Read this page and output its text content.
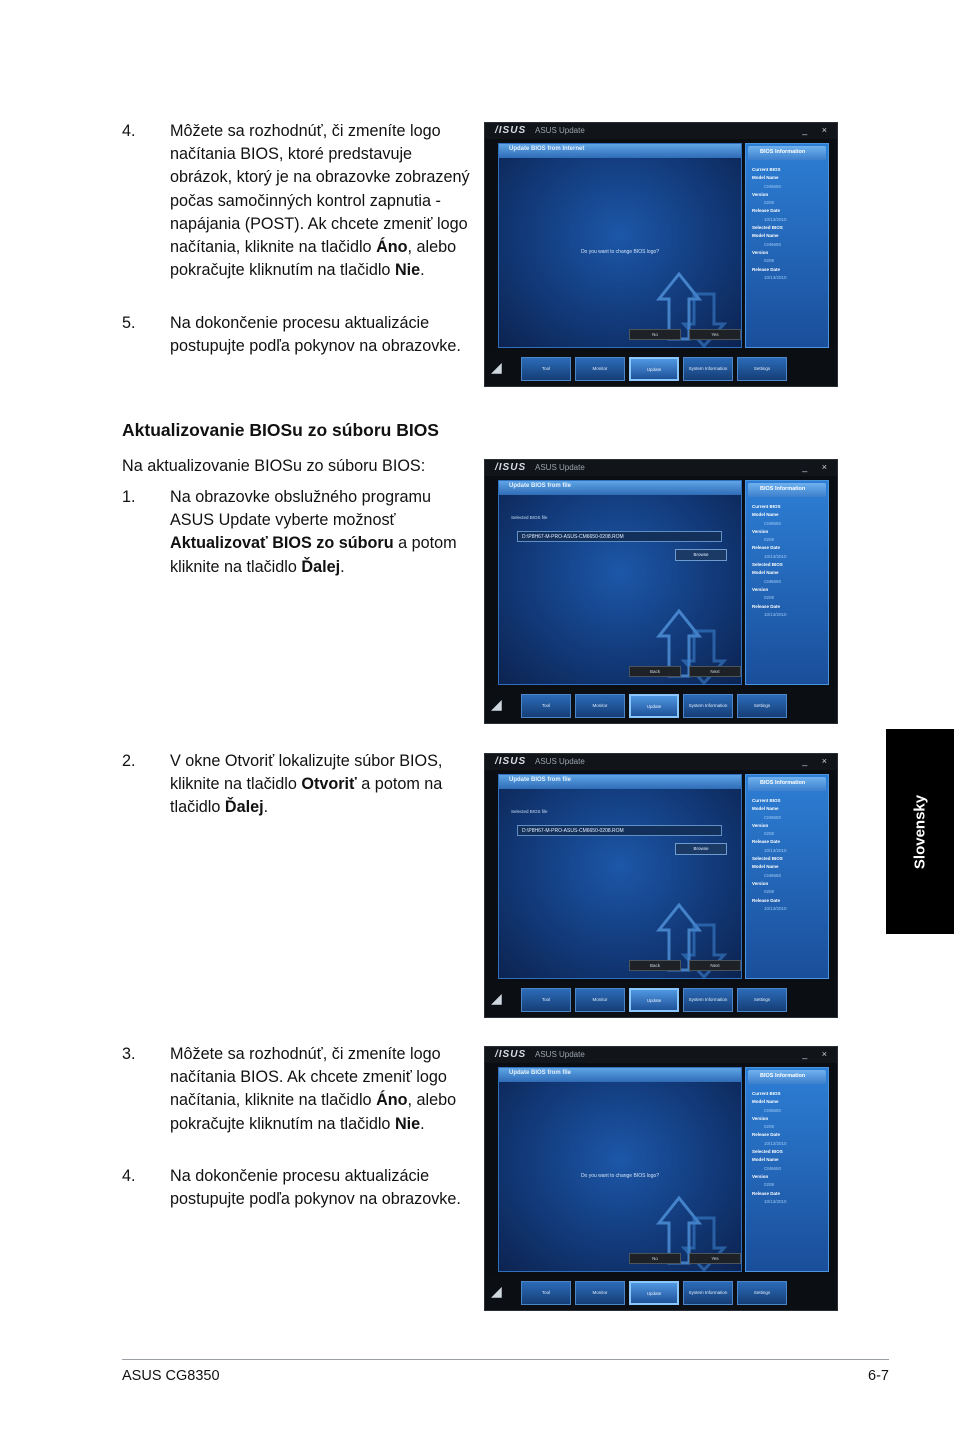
4. Môžete sa rozhodnúť, či zmeníte logo načítania BIOS, ktoré predstavuje obrázok, ktorý je na obrazovke zobrazený počas samočinných kontrol zapnutia -napájania (POST). Ak chcete zmeniť logo načítania, kliknite na tlačidlo Áno, alebo pokračujte kliknutím na tlačidlo Nie.
5. Na dokončenie procesu aktualizácie postupujte podľa pokynov na obrazovke.
Aktualizovanie BIOSu zo súboru BIOS
Na aktualizovanie BIOSu zo súboru BIOS:
1. Na obrazovke obslužného programu ASUS Update vyberte možnosť Aktualizovať BIOS zo súboru a potom kliknite na tlačidlo Ďalej.
2. V okne Otvoriť lokalizujte súbor BIOS, kliknite na tlačidlo Otvoriť a potom na tlačidlo Ďalej.
3. Môžete sa rozhodnúť, či zmeníte logo načítania BIOS. Ak chcete zmeniť logo načítania, kliknite na tlačidlo Áno, alebo pokračujte kliknutím na tlačidlo Nie.
4. Na dokončenie procesu aktualizácie postupujte podľa pokynov na obrazovke.
/ISUS ASUS Update	_ ×
Update BIOS from Internet
Do you want to change BIOS logo?
No	Yes
BIOS Information
Current BIOS
Model Name
CM6650
Version
0208
Release Date
10/13/2010
Selected BIOS
Model Name
CM6650
Version
0208
Release Date
10/13/2010
◢	Tool	Monitor	Update	System Information	Settings
/ISUS ASUS Update	_ ×
Update BIOS from file
Selected BIOS file
D:\P8H67-M-PRO-ASUS-CM6650-0208.ROM
Browse
Back	Next
BIOS Information
Current BIOS
Model Name
CM6650
Version
0208
Release Date
10/13/2010
Selected BIOS
Model Name
CM6650
Version
0208
Release Date
10/13/2010
◢	Tool	Monitor	Update	System Information	Settings
/ISUS ASUS Update	_ ×
Update BIOS from file
Selected BIOS file
D:\P8H67-M-PRO-ASUS-CM6650-0208.ROM
Browse
Back	Next
BIOS Information
Current BIOS
Model Name
CM6650
Version
0208
Release Date
10/13/2010
Selected BIOS
Model Name
CM6650
Version
0208
Release Date
10/13/2010
◢	Tool	Monitor	Update	System Information	Settings
/ISUS ASUS Update	_ ×
Update BIOS from file
Do you want to change BIOS logo?
No	Yes
BIOS Information
Current BIOS
Model Name
CM6650
Version
0208
Release Date
10/13/2010
Selected BIOS
Model Name
CM6650
Version
0208
Release Date
10/13/2010
◢	Tool	Monitor	Update	System Information	Settings
Slovensky
ASUS CG8350	6-7
